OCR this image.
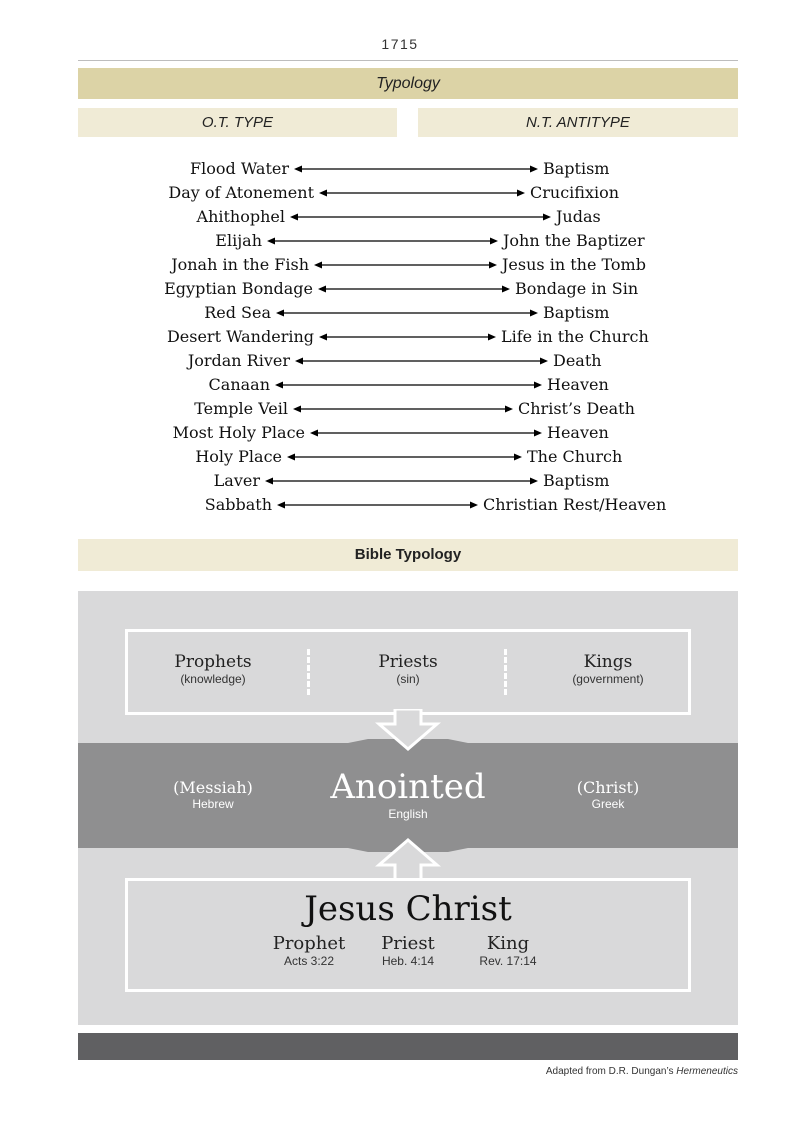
1715
Typology
O.T. TYPE	N.T. ANTITYPE
Flood Water	Baptism
Day of Atonement	Crucifixion
Ahithophel	Judas
Elijah	John the Baptizer
Jonah in the Fish	Jesus in the Tomb
Egyptian Bondage	Bondage in Sin
Red Sea	Baptism
Desert Wandering	Life in the Church
Jordan River	Death
Canaan	Heaven
Temple Veil	Christ’s Death
Most Holy Place	Heaven
Holy Place	The Church
Laver	Baptism
Sabbath	Christian Rest/Heaven
Bible Typology
Prophets
(knowledge)
Priests
(sin)
Kings
(government)
(Messiah)
Hebrew	Anointed
English
(Christ)
Greek
Jesus Christ
Prophet
Acts 3:22
Priest
Heb. 4:14
King
Rev. 17:14
Adapted from D.R. Dungan’s Hermeneutics
